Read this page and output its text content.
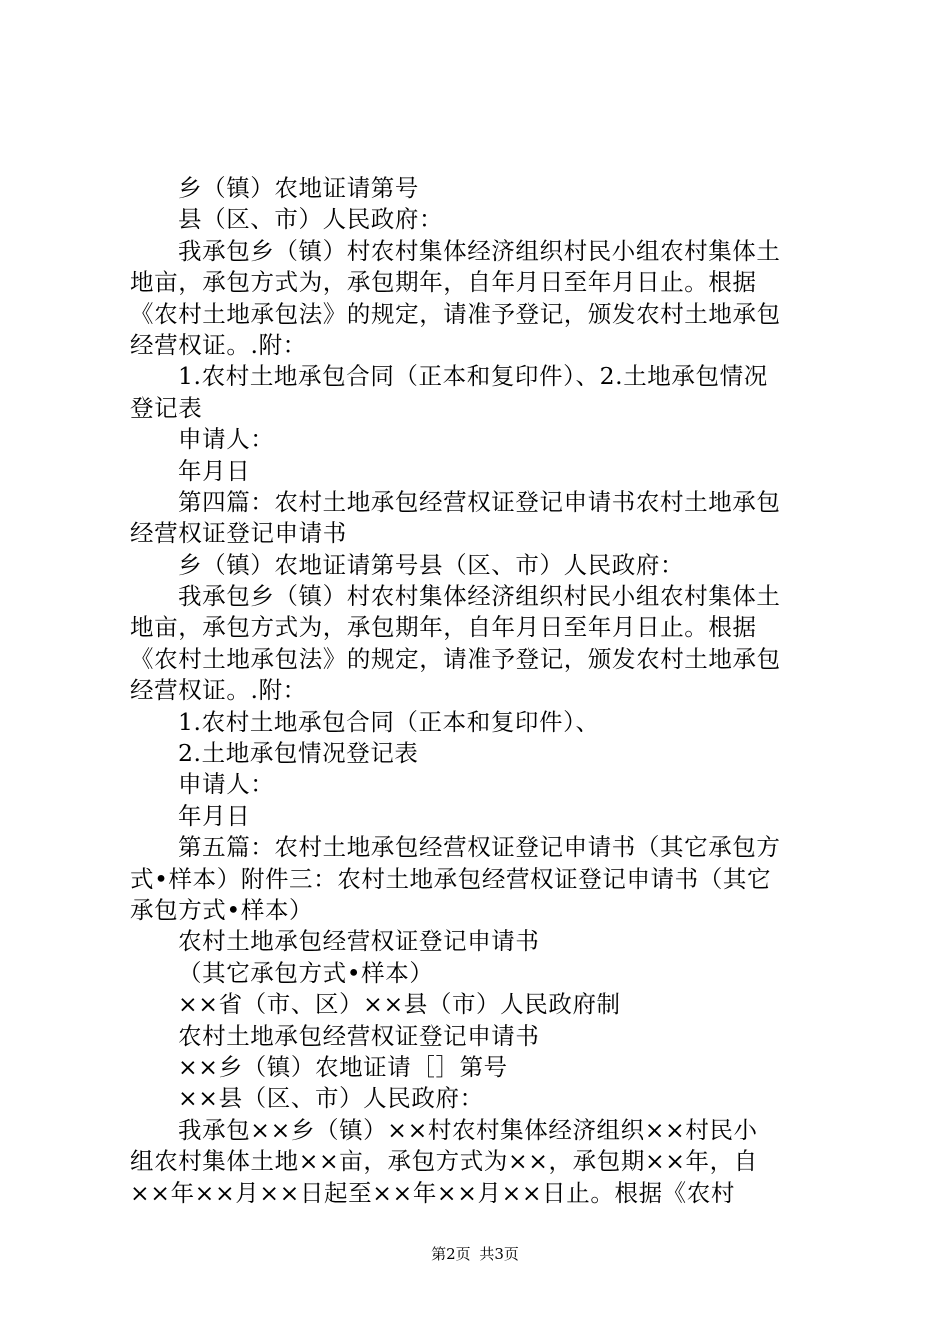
乡（镇）农地证请第号
县（区、市）人民政府：
我承包乡（镇）村农村集体经济组织村民小组农村集体土
地亩，承包方式为，承包期年，自年月日至年月日止。根据
《农村土地承包法》的规定，请准予登记，颁发农村土地承包
经营权证。.附：
1.农村土地承包合同（正本和复印件）、2.土地承包情况
登记表
申请人：
年月日
第四篇：农村土地承包经营权证登记申请书农村土地承包
经营权证登记申请书
乡（镇）农地证请第号县（区、市）人民政府：
我承包乡（镇）村农村集体经济组织村民小组农村集体土
地亩，承包方式为，承包期年，自年月日至年月日止。根据
《农村土地承包法》的规定，请准予登记，颁发农村土地承包
经营权证。.附：
1.农村土地承包合同（正本和复印件）、
2.土地承包情况登记表
申请人：
年月日
第五篇：农村土地承包经营权证登记申请书（其它承包方
式•样本）附件三：农村土地承包经营权证登记申请书（其它
承包方式•样本）
农村土地承包经营权证登记申请书
（其它承包方式•样本）
××省（市、区）××县（市）人民政府制
农村土地承包经营权证登记申请书
××乡（镇）农地证请［］第号
××县（区、市）人民政府：
我承包××乡（镇）××村农村集体经济组织××村民小
组农村集体土地××亩，承包方式为××，承包期××年，自
××年××月××日起至××年××月××日止。根据《农村
第2页 共3页
